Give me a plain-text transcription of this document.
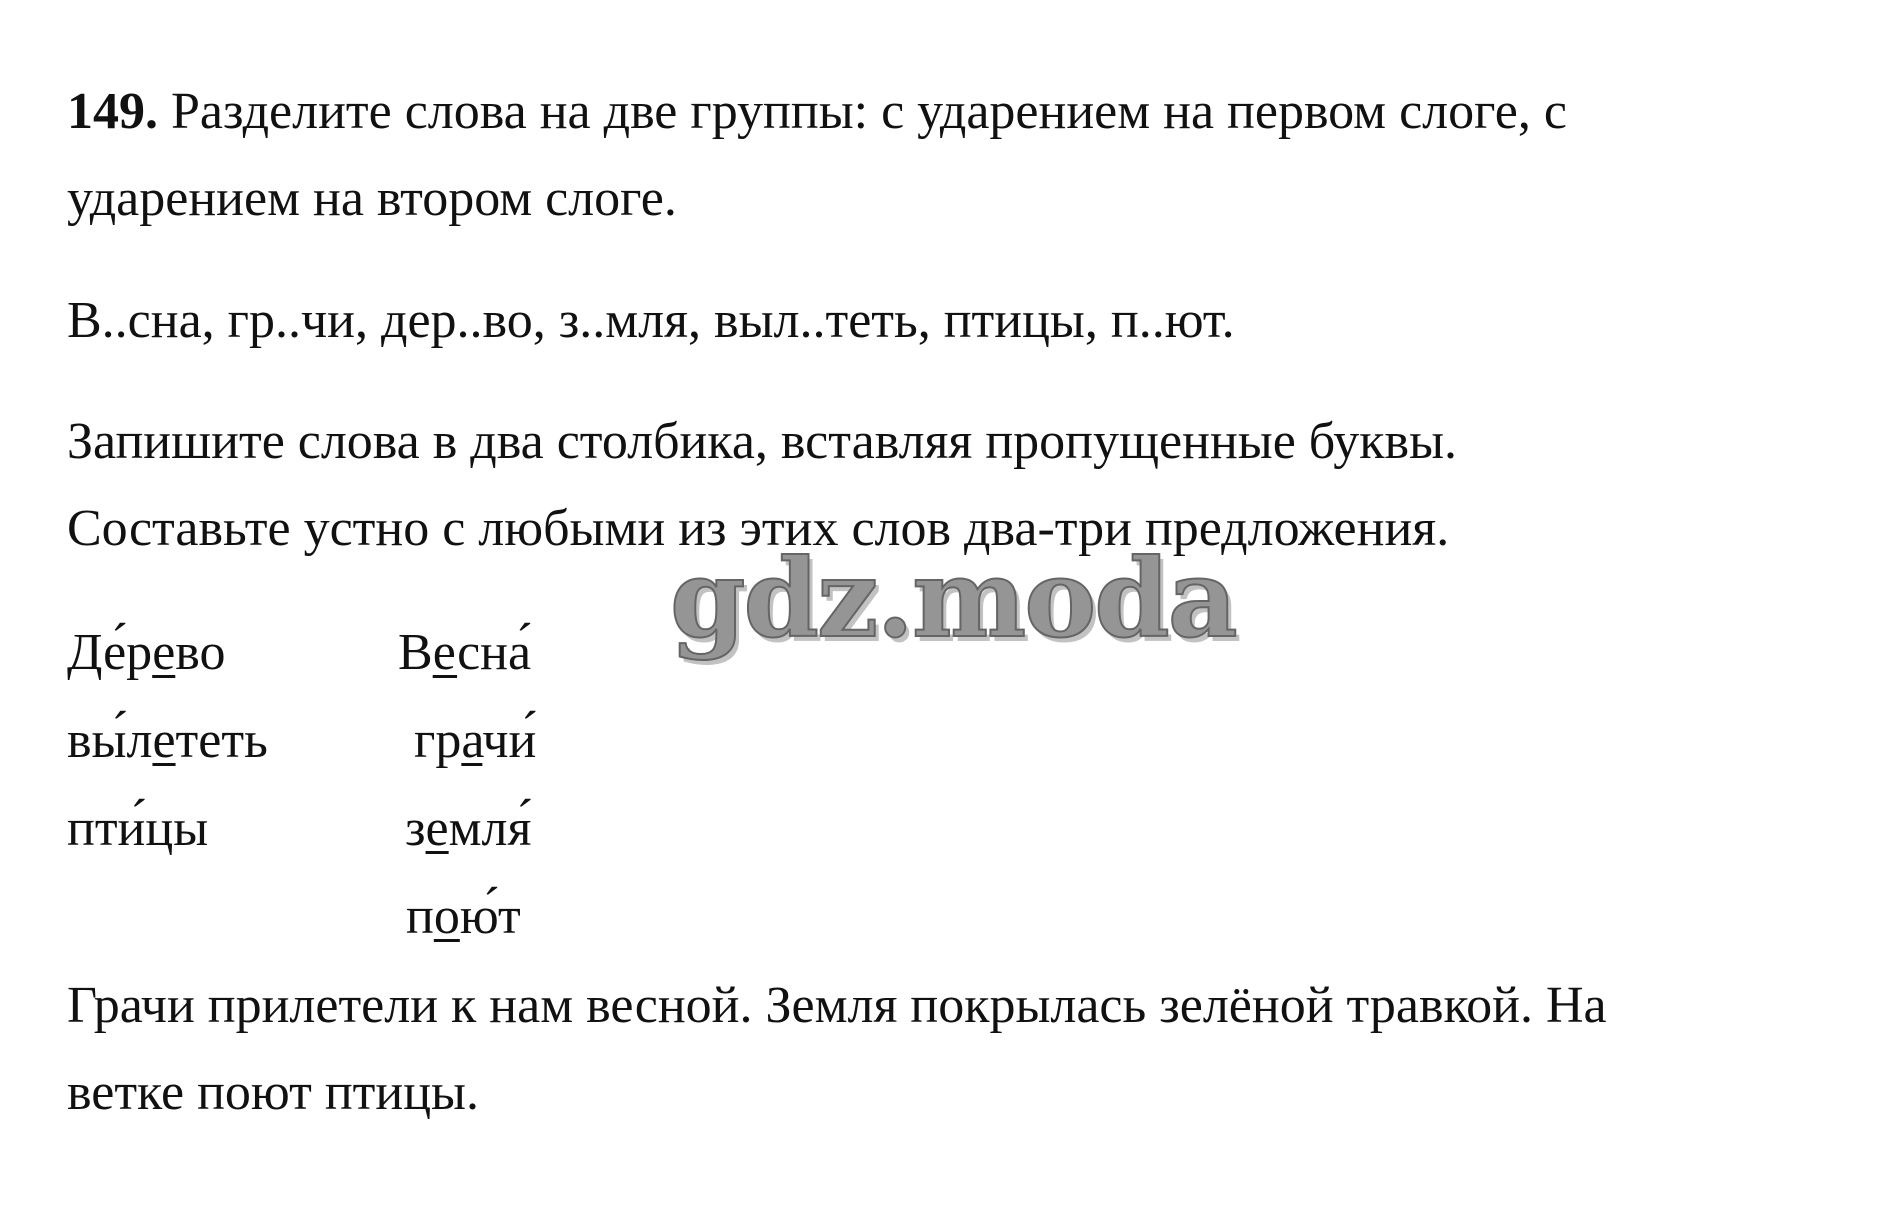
149. Разделите слова на две группы: с ударением на первом слоге, с
ударением на втором слоге.
В..сна, гр..чи, дер..во, з..мля, выл..теть, птицы, п..ют.
Запишите слова в два столбика, вставляя пропущенные буквы.
Составьте устно с любыми из этих слов два-три предложения.
gdz.moda
Де́рево
вы́лететь
пти́цы
Весна́
грачи́
земля́
пою́т
Грачи прилетели к нам весной. Земля покрылась зелёной травкой. На
ветке поют птицы.
